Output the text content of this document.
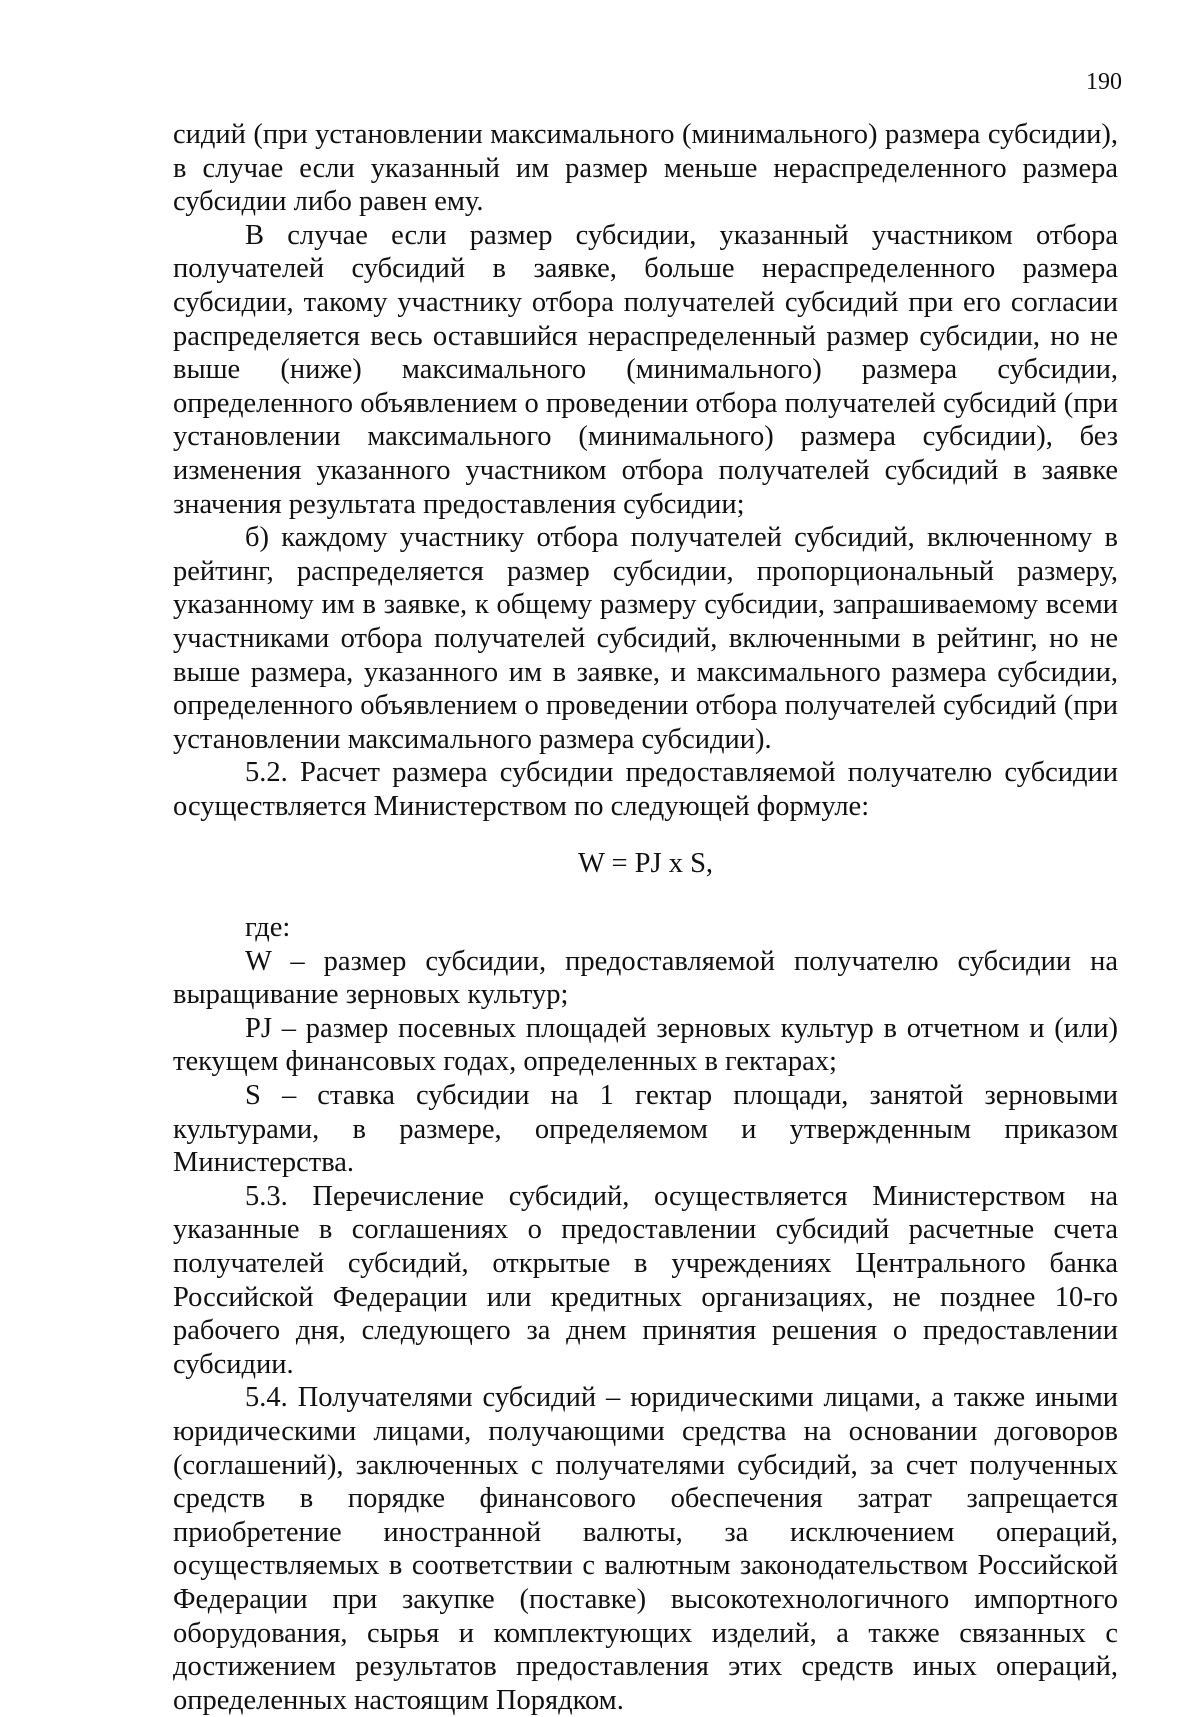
190

сидий (при установлении максимального (минимального) размера субсидии), в случае если указанный им размер меньше нераспределенного размера субсидии либо равен ему.

В случае если размер субсидии, указанный участником отбора получателей субсидий в заявке, больше нераспределенного размера субсидии, такому участнику отбора получателей субсидий при его согласии распределяется весь оставшийся нераспределенный размер субсидии, но не выше (ниже) максимального (минимального) размера субсидии, определенного объявлением о проведении отбора получателей субсидий (при установлении максимального (минимального) размера субсидии), без изменения указанного участником отбора получателей субсидий в заявке значения результата предоставления субсидии;

б) каждому участнику отбора получателей субсидий, включенному в рейтинг, распределяется размер субсидии, пропорциональный размеру, указанному им в заявке, к общему размеру субсидии, запрашиваемому всеми участниками отбора получателей субсидий, включенными в рейтинг, но не выше размера, указанного им в заявке, и максимального размера субсидии, определенного объявлением о проведении отбора получателей субсидий (при установлении максимального размера субсидии).

5.2. Расчет размера субсидии предоставляемой получателю субсидии осуществляется Министерством по следующей формуле:

W = PJ x S,

где:

W – размер субсидии, предоставляемой получателю субсидии на выращивание зерновых культур;

PJ – размер посевных площадей зерновых культур в отчетном и (или) текущем финансовых годах, определенных в гектарах;

S – ставка субсидии на 1 гектар площади, занятой зерновыми культурами, в размере, определяемом и утвержденным приказом Министерства.

5.3. Перечисление субсидий, осуществляется Министерством на указанные в соглашениях о предоставлении субсидий расчетные счета получателей субсидий, открытые в учреждениях Центрального банка Российской Федерации или кредитных организациях, не позднее 10-го рабочего дня, следующего за днем принятия решения о предоставлении субсидии.

5.4. Получателями субсидий – юридическими лицами, а также иными юридическими лицами, получающими средства на основании договоров (соглашений), заключенных с получателями субсидий, за счет полученных средств в порядке финансового обеспечения затрат запрещается приобретение иностранной валюты, за исключением операций, осуществляемых в соответствии с валютным законодательством Российской Федерации при закупке (поставке) высокотехнологичного импортного оборудования, сырья и комплектующих изделий, а также связанных с достижением результатов предоставления этих средств иных операций, определенных настоящим Порядком.
